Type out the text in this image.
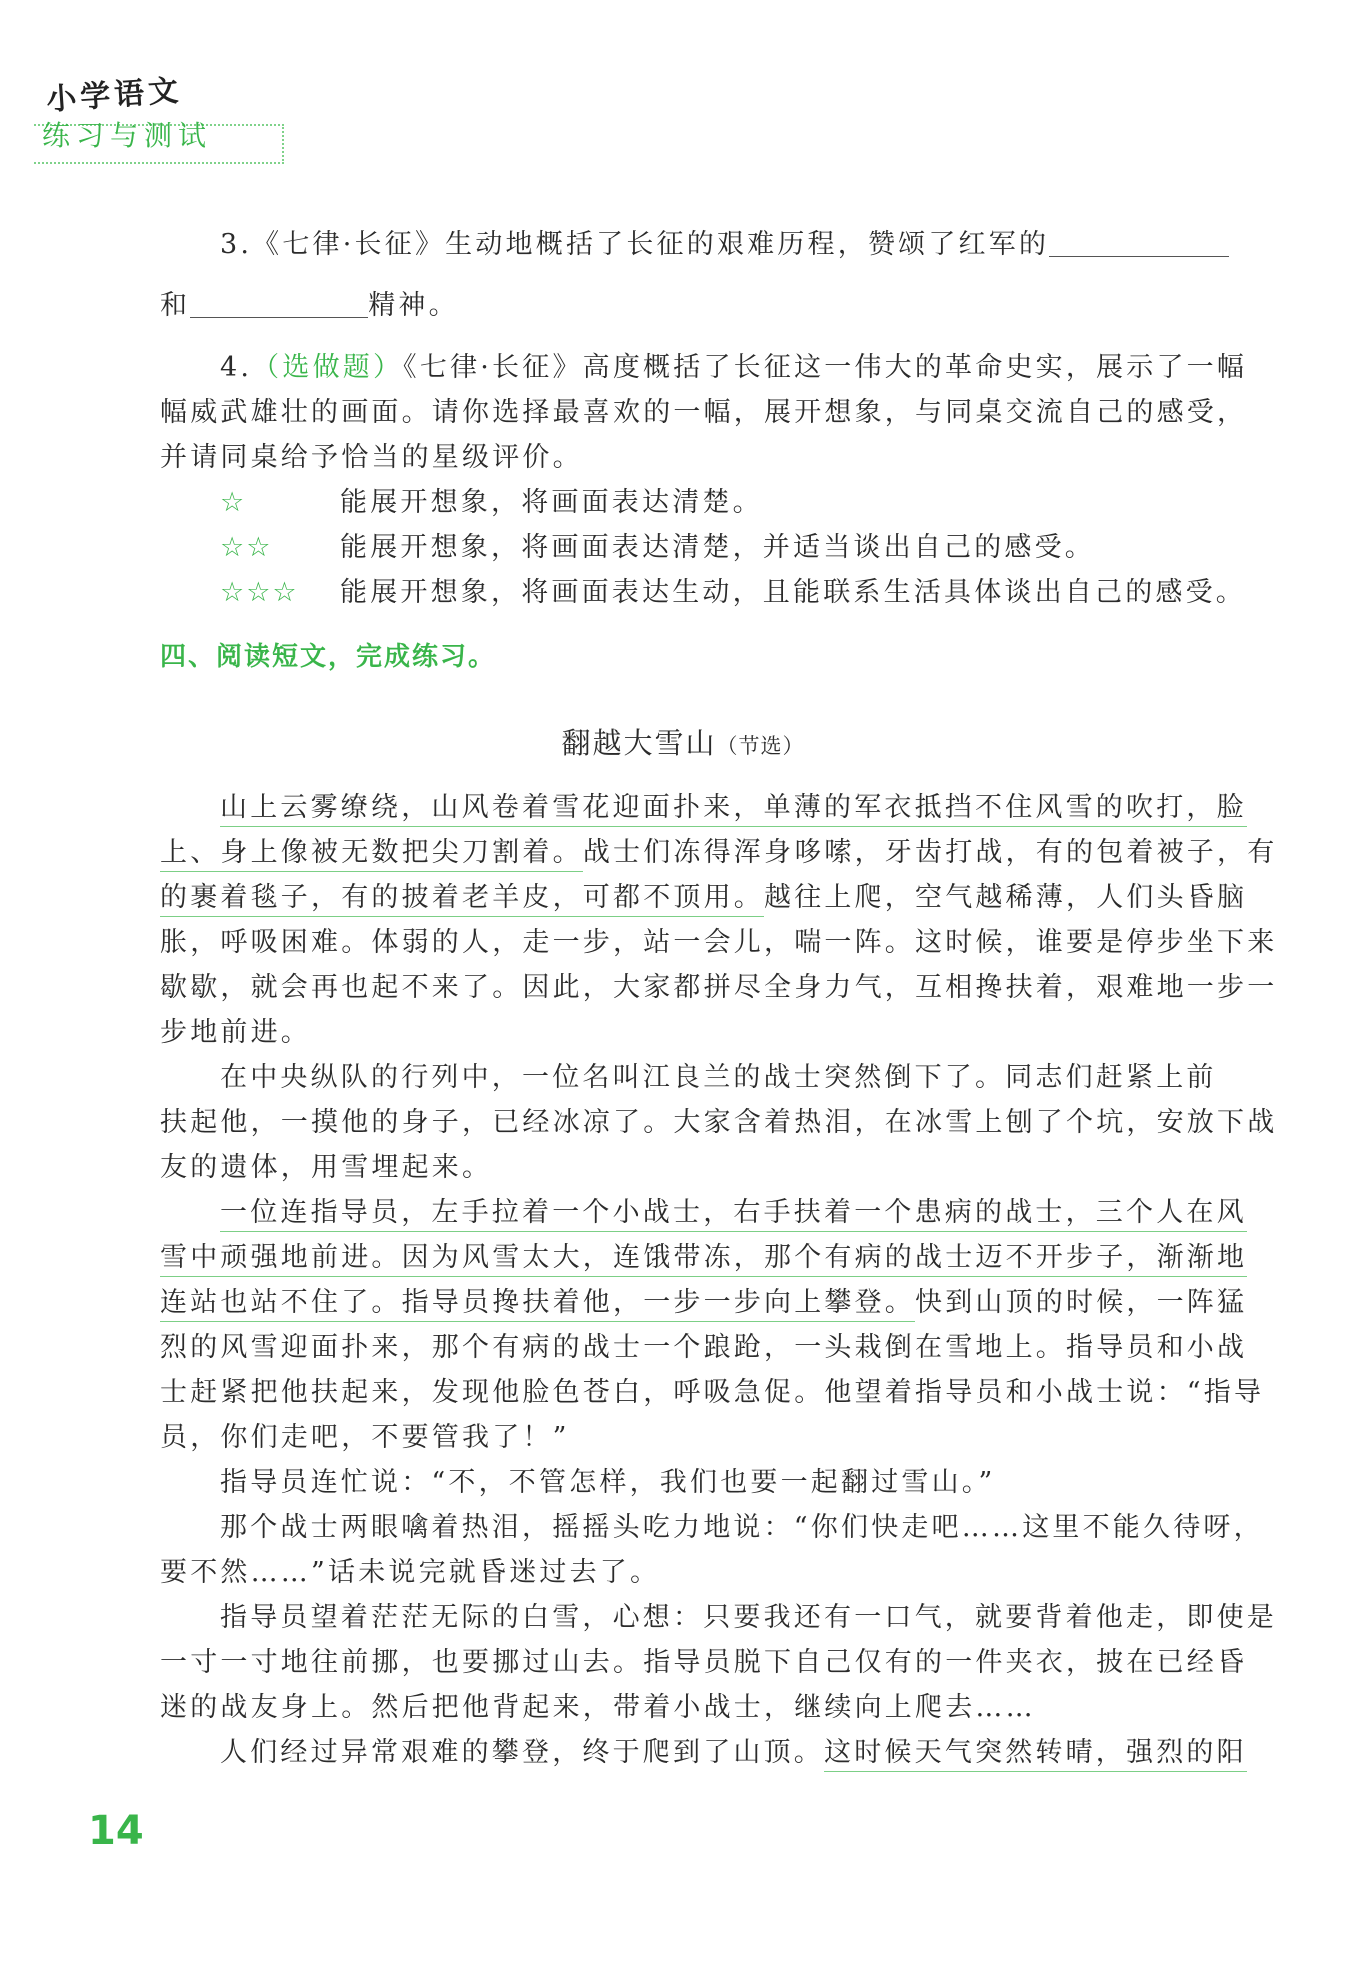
小学语文
练习与测试

3.《七律·长征》生动地概括了长征的艰难历程，赞颂了红军的

和	精神。

4.（选做题）《七律·长征》高度概括了长征这一伟大的革命史实，展示了一幅

幅威武雄壮的画面。请你选择最喜欢的一幅，展开想象，与同桌交流自己的感受，

并请同桌给予恰当的星级评价。

☆	能展开想象，将画面表达清楚。

☆☆	能展开想象，将画面表达清楚，并适当谈出自己的感受。

☆☆☆ 能展开想象，将画面表达生动，且能联系生活具体谈出自己的感受。

四、阅读短文，完成练习。

翻越大雪山（节选）

山上云雾缭绕，山风卷着雪花迎面扑来，单薄的军衣抵挡不住风雪的吹打，脸

上、身上像被无数把尖刀割着。战士们冻得浑身哆嗦，牙齿打战，有的包着被子，有

的裹着毯子，有的披着老羊皮，可都不顶用。越往上爬，空气越稀薄，人们头昏脑

胀，呼吸困难。体弱的人，走一步，站一会儿，喘一阵。这时候，谁要是停步坐下来

歇歇，就会再也起不来了。因此，大家都拼尽全身力气，互相搀扶着，艰难地一步一

步地前进。

在中央纵队的行列中，一位名叫江良兰的战士突然倒下了。同志们赶紧上前

扶起他，一摸他的身子，已经冰凉了。大家含着热泪，在冰雪上刨了个坑，安放下战

友的遗体，用雪埋起来。

一位连指导员，左手拉着一个小战士，右手扶着一个患病的战士，三个人在风

雪中顽强地前进。因为风雪太大，连饿带冻，那个有病的战士迈不开步子，渐渐地

连站也站不住了。指导员搀扶着他，一步一步向上攀登。快到山顶的时候，一阵猛

烈的风雪迎面扑来，那个有病的战士一个踉跄，一头栽倒在雪地上。指导员和小战

士赶紧把他扶起来，发现他脸色苍白，呼吸急促。他望着指导员和小战士说：“指导

员，你们走吧，不要管我了！”

指导员连忙说：“不，不管怎样，我们也要一起翻过雪山。”

那个战士两眼噙着热泪，摇摇头吃力地说：“你们快走吧……这里不能久待呀，

要不然……”话未说完就昏迷过去了。

指导员望着茫茫无际的白雪，心想：只要我还有一口气，就要背着他走，即使是

一寸一寸地往前挪，也要挪过山去。指导员脱下自己仅有的一件夹衣，披在已经昏

迷的战友身上。然后把他背起来，带着小战士，继续向上爬去……

人们经过异常艰难的攀登，终于爬到了山顶。这时候天气突然转晴，强烈的阳

14
